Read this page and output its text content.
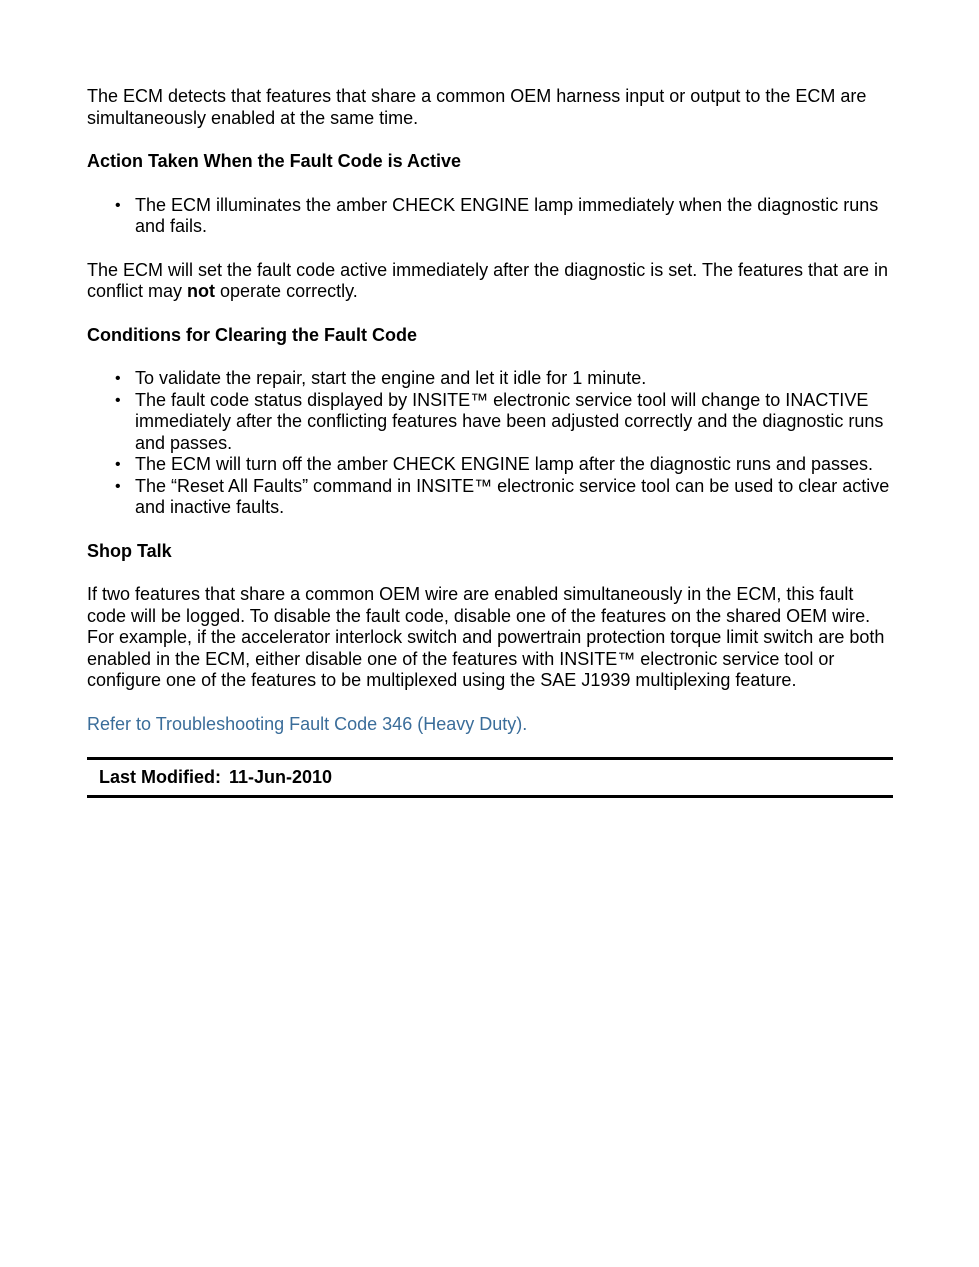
The ECM detects that features that share a common OEM harness input or output to the ECM are simultaneously enabled at the same time.

Action Taken When the Fault Code is Active
• The ECM illuminates the amber CHECK ENGINE lamp immediately when the diagnostic runs and fails.

The ECM will set the fault code active immediately after the diagnostic is set. The features that are in conflict may not operate correctly.

Conditions for Clearing the Fault Code
• To validate the repair, start the engine and let it idle for 1 minute.
• The fault code status displayed by INSITE™ electronic service tool will change to INACTIVE immediately after the conflicting features have been adjusted correctly and the diagnostic runs and passes.
• The ECM will turn off the amber CHECK ENGINE lamp after the diagnostic runs and passes.
• The “Reset All Faults” command in INSITE™ electronic service tool can be used to clear active and inactive faults.
Shop Talk

If two features that share a common OEM wire are enabled simultaneously in the ECM, this fault code will be logged. To disable the fault code, disable one of the features on the shared OEM wire. For example, if the accelerator interlock switch and powertrain protection torque limit switch are both enabled in the ECM, either disable one of the features with INSITE™ electronic service tool or configure one of the features to be multiplexed using the SAE J1939 multiplexing feature.

Refer to Troubleshooting Fault Code 346 (Heavy Duty).

Last Modified: 11-Jun-2010
